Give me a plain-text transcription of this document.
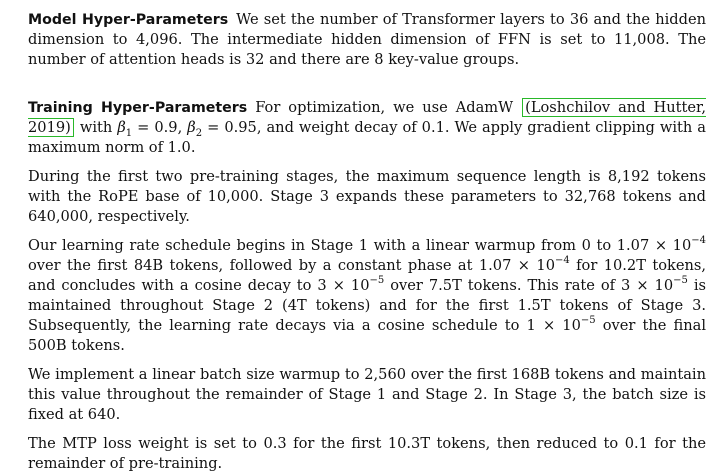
Model Hyper-Parameters We set the number of Transformer layers to 36 and the hidden dimension to 4,096. The intermediate hidden dimension of FFN is set to 11,008. The number of attention heads is 32 and there are 8 key-value groups.

Training Hyper-Parameters For optimization, we use AdamW (Loshchilov and Hutter, 2019) with $\beta_1 = 0.9$, $\beta_2 = 0.95$, and weight decay of 0.1. We apply gradient clipping with a maximum norm of 1.0.

During the first two pre-training stages, the maximum sequence length is 8,192 tokens with the RoPE base of 10,000. Stage 3 expands these parameters to 32,768 tokens and 640,000, respectively.

Our learning rate schedule begins in Stage 1 with a linear warmup from 0 to $1.07 \times 10^{-4}$ over the first 84B tokens, followed by a constant phase at $1.07 \times 10^{-4}$ for 10.2T tokens, and concludes with a cosine decay to $3 \times 10^{-5}$ over 7.5T tokens. This rate of $3 \times 10^{-5}$ is maintained throughout Stage 2 (4T tokens) and for the first 1.5T tokens of Stage 3. Subsequently, the learning rate decays via a cosine schedule to $1 \times 10^{-5}$ over the final 500B tokens.

We implement a linear batch size warmup to 2,560 over the first 168B tokens and maintain this value throughout the remainder of Stage 1 and Stage 2. In Stage 3, the batch size is fixed at 640.

The MTP loss weight is set to 0.3 for the first 10.3T tokens, then reduced to 0.1 for the remainder of pre-training.
